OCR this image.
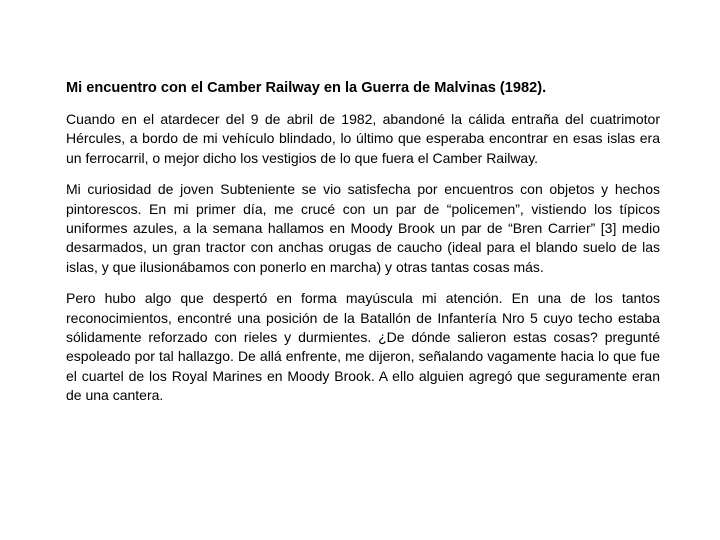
Mi encuentro con el Camber Railway en la Guerra de Malvinas (1982).

Cuando en el atardecer del 9 de abril de 1982, abandoné la cálida entraña del cuatrimotor Hércules, a bordo de mi vehículo blindado, lo último que esperaba encontrar en esas islas era un ferrocarril, o mejor dicho los vestigios de lo que fuera el Camber Railway.

Mi curiosidad de joven Subteniente se vio satisfecha por encuentros con objetos y hechos pintorescos. En mi primer día, me crucé con un par de “policemen”, vistiendo los típicos uniformes azules, a la semana hallamos en Moody Brook un par de “Bren Carrier” [3] medio desarmados, un gran tractor con anchas orugas de caucho (ideal para el blando suelo de las islas, y que ilusionábamos con ponerlo en marcha) y otras tantas cosas más.

Pero hubo algo que despertó en forma mayúscula mi atención. En una de los tantos reconocimientos, encontré una posición de la Batallón de Infantería Nro 5 cuyo techo estaba sólidamente reforzado con rieles y durmientes. ¿De dónde salieron estas cosas? pregunté espoleado por tal hallazgo. De allá enfrente, me dijeron, señalando vagamente hacia lo que fue el cuartel de los Royal Marines en Moody Brook. A ello alguien agregó que seguramente eran de una cantera.
